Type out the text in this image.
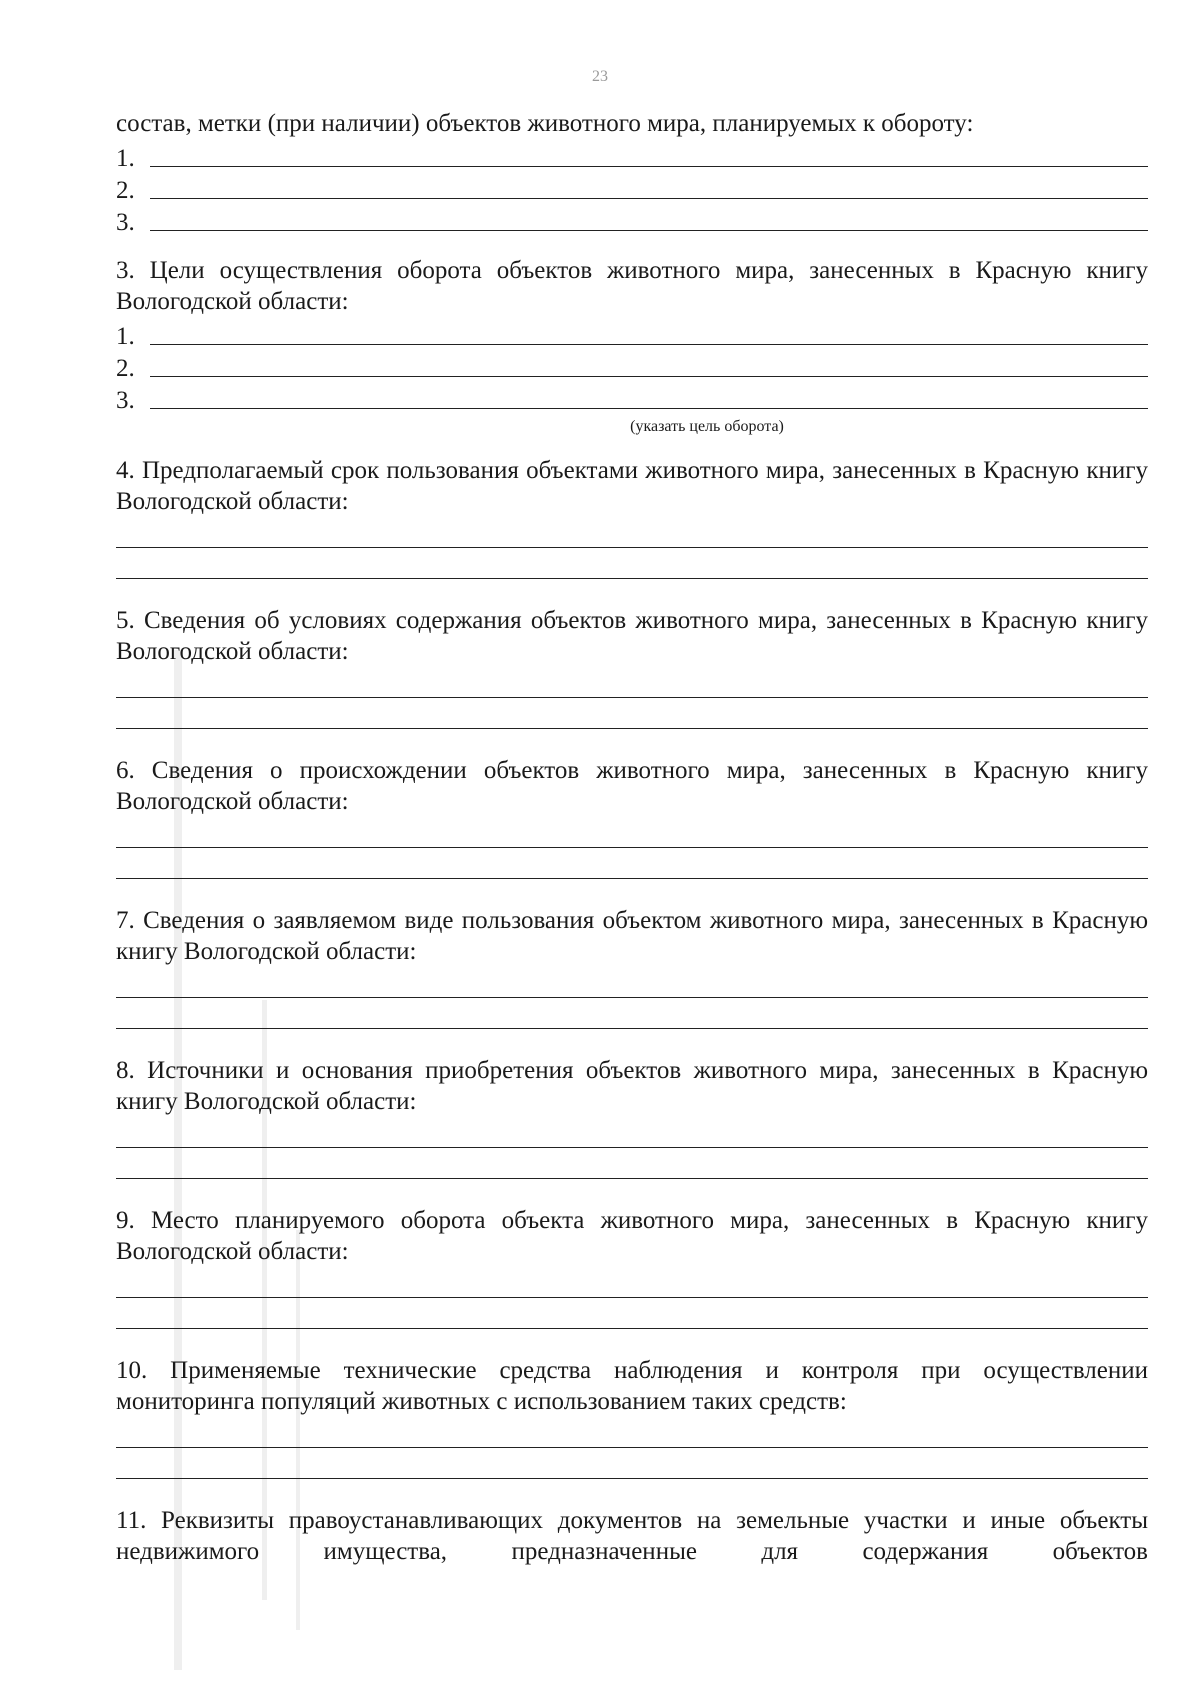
23

состав, метки (при наличии) объектов животного мира, планируемых к обороту:

1.
2.
3.

3. Цели осуществления оборота объектов животного мира, занесенных в Красную книгу Вологодской области:

1.
2.
3.
(указать цель оборота)

4. Предполагаемый срок пользования объектами животного мира, занесенных в Красную книгу Вологодской области:

5. Сведения об условиях содержания объектов животного мира, занесенных в Красную книгу Вологодской области:

6. Сведения о происхождении объектов животного мира, занесенных в Красную книгу Вологодской области:

7. Сведения о заявляемом виде пользования объектом животного мира, занесенных в Красную книгу Вологодской области:

8. Источники и основания приобретения объектов животного мира, занесенных в Красную книгу Вологодской области:

9. Место планируемого оборота объекта животного мира, занесенных в Красную книгу Вологодской области:

10. Применяемые технические средства наблюдения и контроля при осуществлении мониторинга популяций животных с использованием таких средств:

11. Реквизиты правоустанавливающих документов на земельные участки и иные объекты недвижимого имущества, предназначенные для содержания объектов
